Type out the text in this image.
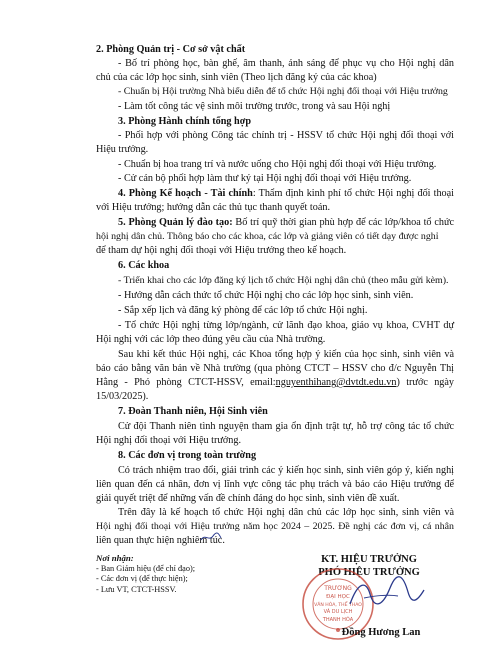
2. Phòng Quản trị - Cơ sở vật chất
- Bố trí phòng học, bàn ghế, âm thanh, ánh sáng để phục vụ cho Hội nghị dân
chủ của các lớp học sinh, sinh viên (Theo lịch đăng ký của các khoa)
- Chuẩn bị Hội trường Nhà biểu diễn để tổ chức Hội nghị đối thoại với Hiệu trưởng
- Làm tốt công tác vệ sinh môi trường trước, trong và sau Hội nghị
3. Phòng Hành chính tổng hợp
- Phối hợp với phòng Công tác chính trị - HSSV tổ chức Hội nghị đối thoại với
Hiệu trưởng.
- Chuẩn bị hoa trang trí và nước uống cho Hội nghị đối thoại với Hiệu trưởng.
- Cử cán bộ phối hợp làm thư ký tại Hội nghị đối thoại với Hiệu trưởng.
4. Phòng Kế hoạch - Tài chính: Thẩm định kinh phí tổ chức Hội nghị đối thoại
với Hiệu trưởng; hướng dẫn các thủ tục thanh quyết toán.
5. Phòng Quản lý đào tạo: Bố trí quỹ thời gian phù hợp để các lớp/khoa tổ chức
hội nghị dân chủ. Thông báo cho các khoa, các lớp và giảng viên có tiết dạy được nghỉ
để tham dự hội nghị đối thoại với Hiệu trưởng theo kế hoạch.
6. Các khoa
- Triển khai cho các lớp đăng ký lịch tổ chức Hội nghị dân chủ (theo mẫu gửi kèm).
- Hướng dẫn cách thức tổ chức Hội nghị cho các lớp học sinh, sinh viên.
- Sắp xếp lịch và đăng ký phòng để các lớp tổ chức Hội nghị.
- Tổ chức Hội nghị từng lớp/ngành, cử lãnh đạo khoa, giáo vụ khoa, CVHT dự
Hội nghị với các lớp theo đúng yêu cầu của Nhà trường.
Sau khi kết thúc Hội nghị, các Khoa tổng hợp ý kiến của học sinh, sinh viên và
báo cáo bằng văn bản về Nhà trường (qua phòng CTCT – HSSV cho đ/c Nguyễn Thị
Hằng - Phó phòng CTCT-HSSV, email:nguyenthihang@dvtdt.edu.vn) trước ngày
15/03/2025).
7. Đoàn Thanh niên, Hội Sinh viên
Cử đội Thanh niên tình nguyện tham gia ổn định trật tự, hỗ trợ công tác tổ chức
Hội nghị đối thoại với Hiệu trưởng.
8. Các đơn vị trong toàn trường
Có trách nhiệm trao đổi, giải trình các ý kiến học sinh, sinh viên góp ý, kiến nghị
liên quan đến cá nhân, đơn vị lĩnh vực công tác phụ trách và báo cáo Hiệu trưởng để
giải quyết triệt để những vấn đề chính đáng do học sinh, sinh viên đề xuất.
Trên đây là kế hoạch tổ chức Hội nghị dân chủ các lớp học sinh, sinh viên và
Hội nghị đối thoại với Hiệu trưởng năm học 2024 – 2025. Đề nghị các đơn vị, cá nhân
liên quan thực hiện nghiêm túc.
Nơi nhận:
- Ban Giám hiệu (để chỉ đạo);
- Các đơn vị (để thực hiện);
- Lưu VT, CTCT-HSSV.
KT. HIỆU TRƯỞNG
PHÓ HIỆU TRƯỞNG
TRƯỜNG
ĐẠI HỌC
VĂN HÓA, THỂ THAO
VÀ DU LỊCH
THANH HÓA
Đồng Hương Lan
